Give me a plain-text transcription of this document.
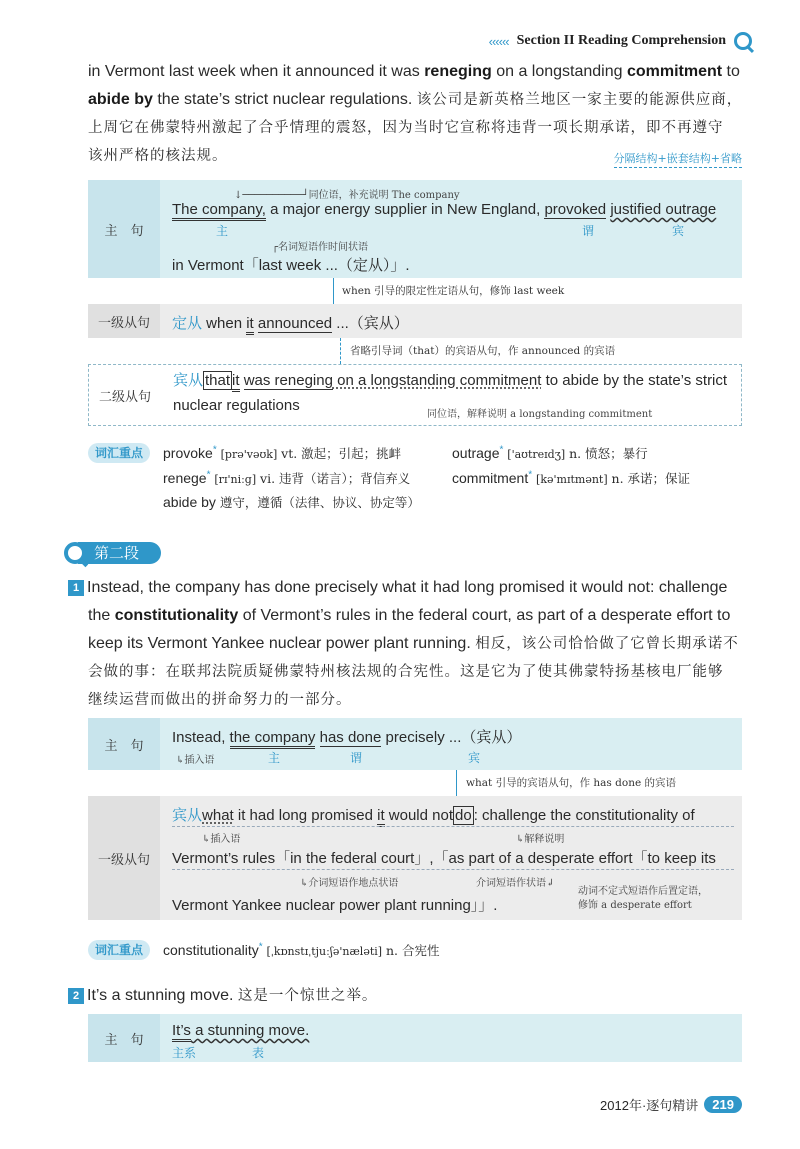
‹‹‹‹‹‹ Section II Reading Comprehension
in Vermont last week when it announced it was reneging on a longstanding commitment to
abide by the state’s strict nuclear regulations. 该公司是新英格兰地区一家主要的能源供应商，
上周它在佛蒙特州激起了合乎情理的震怒，因为当时它宣称将违背一项长期承诺，即不再遵守
该州严格的核法规。	分隔结构+嵌套结构+省略
主　句
↓──────────┘同位语，补充说明 The company
The company, a major energy supplier in New England, provoked justified outrage
主	谓	宾
┌名词短语作时间状语
in Vermont「last week ...（定从）」.
when 引导的限定性定语从句，修饰 last week
一级从句	定从 when it announced ...（宾从）
省略引导词（that）的宾语从句，作 announced 的宾语
二级从句
宾从 that it was reneging on a longstanding commitment to abide by the state’s strict
nuclear regulations
同位语，解释说明 a longstanding commitment
词汇重点	provoke* [prə'vəʊk] vt. 激起；引起；挑衅	outrage* ['aʊtreɪdʒ] n. 愤怒；暴行
renege* [rɪ'niːg] vi. 违背（诺言）；背信弃义	commitment* [kə'mɪtmənt] n. 承诺；保证
abide by 遵守，遵循（法律、协议、协定等）
第二段
1 Instead, the company has done precisely what it had long promised it would not: challenge
the constitutionality of Vermont’s rules in the federal court, as part of a desperate effort to
keep its Vermont Yankee nuclear power plant running. 相反，该公司恰恰做了它曾长期承诺不
会做的事：在联邦法院质疑佛蒙特州核法规的合宪性。这是它为了使其佛蒙特扬基核电厂能够
继续运营而做出的拼命努力的一部分。
主　句	Instead, the company has done precisely ...（宾从）
↳插入语	主	谓	宾
what 引导的宾语从句，作 has done 的宾语
一级从句
宾从what it had long promised it would not do : challenge the constitutionality of
↳插入语	↳解释说明
Vermont’s rules「in the federal court」,「as part of a desperate effort「to keep its
↳介词短语作地点状语	介词短语作状语↲
动词不定式短语作后置定语，
修饰 a desperate effort
Vermont Yankee nuclear power plant running」」.
词汇重点	constitutionality* [ˌkɒnstɪˌtjuːʃə'næləti] n. 合宪性
2 It’s a stunning move. 这是一个惊世之举。
主　句
It’s a stunning move.
主系	表
2012年·逐句精讲	219
